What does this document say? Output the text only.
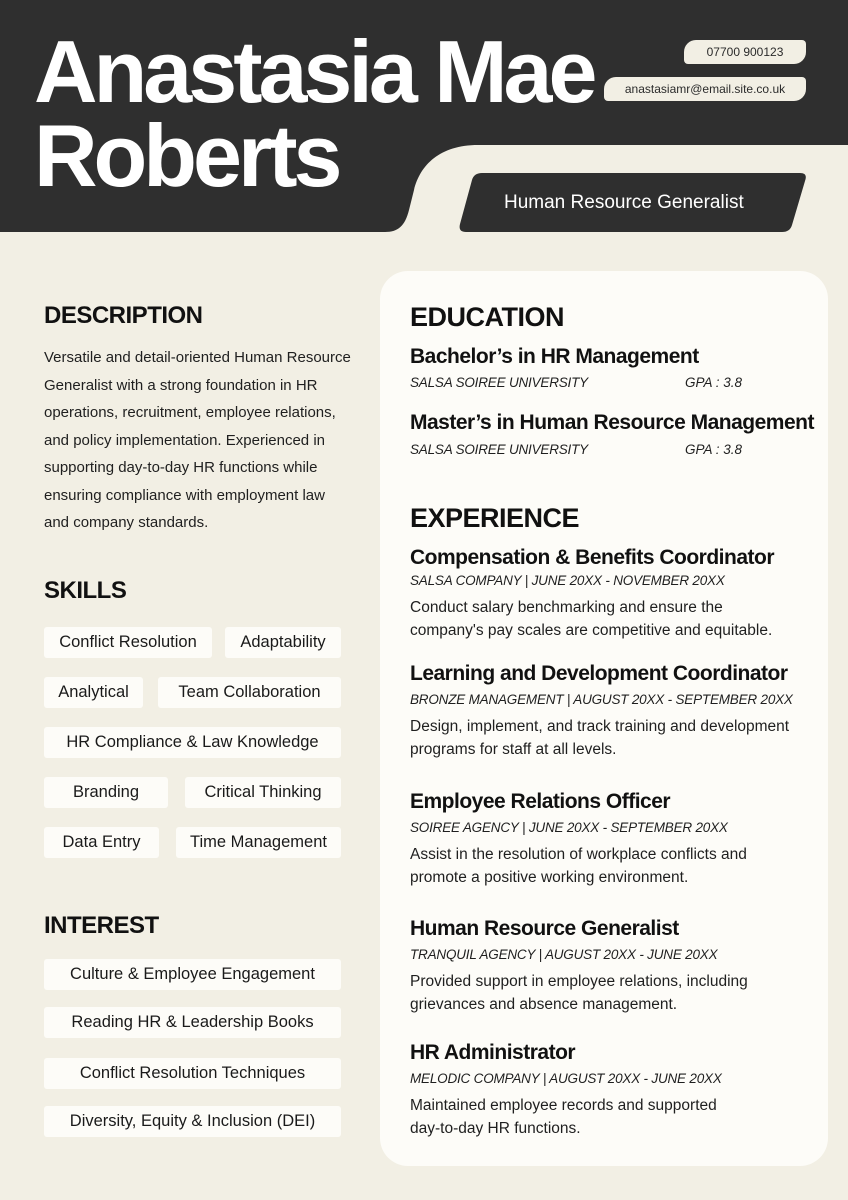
Anastasia Mae
Roberts
07700 900123
anastasiamr@email.site.co.uk
Human Resource Generalist
DESCRIPTION

Versatile and detail-oriented Human Resource Generalist with a strong foundation in HR operations, recruitment, employee relations, and policy implementation. Experienced in supporting day-to-day HR functions while ensuring compliance with employment law and company standards.

SKILLS
Conflict Resolution	Adaptability
Analytical	Team Collaboration
HR Compliance & Law Knowledge
Branding	Critical Thinking
Data Entry	Time Management
INTEREST
Culture & Employee Engagement
Reading HR & Leadership Books
Conflict Resolution Techniques
Diversity, Equity & Inclusion (DEI)
EDUCATION
Bachelor’s in HR Management
SALSA SOIREE UNIVERSITY	GPA : 3.8
Master’s in Human Resource Management
SALSA SOIREE UNIVERSITY	GPA : 3.8
EXPERIENCE
Compensation & Benefits Coordinator
SALSA COMPANY | JUNE 20XX - NOVEMBER 20XX
Conduct salary benchmarking and ensure the company's pay scales are competitive and equitable.
Learning and Development Coordinator
BRONZE MANAGEMENT | AUGUST 20XX - SEPTEMBER 20XX
Design, implement, and track training and development programs for staff at all levels.
Employee Relations Officer
SOIREE AGENCY | JUNE 20XX - SEPTEMBER 20XX
Assist in the resolution of workplace conflicts and promote a positive working environment.
Human Resource Generalist
TRANQUIL AGENCY | AUGUST 20XX - JUNE 20XX
Provided support in employee relations, including grievances and absence management.
HR Administrator
MELODIC COMPANY | AUGUST 20XX - JUNE 20XX
Maintained employee records and supported day-to-day HR functions.
